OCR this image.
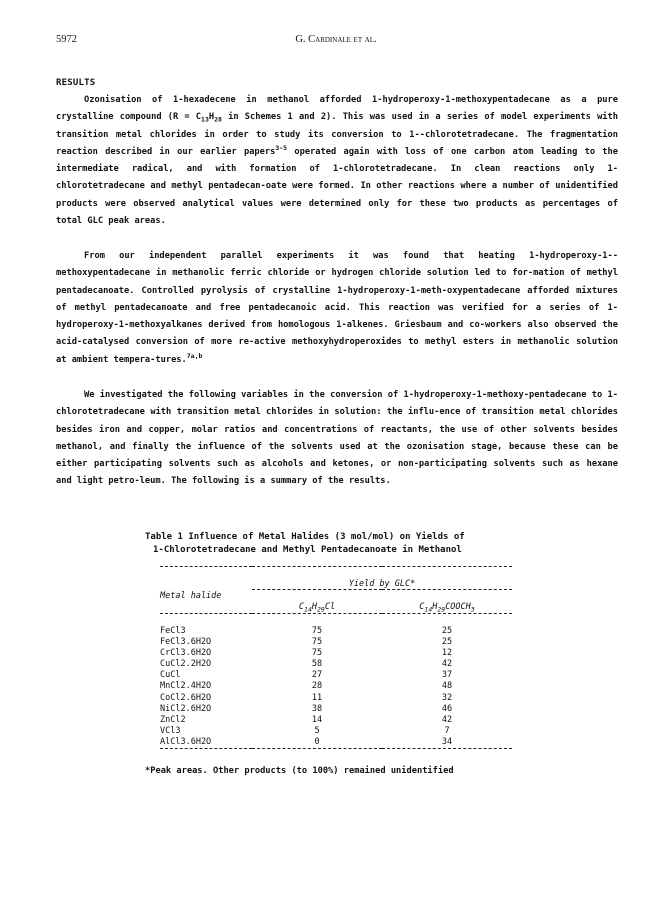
5972	G. Cardinale et al.
RESULTS

Ozonisation of 1-hexadecene in methanol afforded 1-hydroperoxy-1-methoxypentadecane as a pure crystalline compound ($R = C_{13}H_{28}$ in Schemes 1 and 2). This was used in a series of model experiments with transition metal chlorides in order to study its conversion to 1--chlorotetradecane. The fragmentation reaction described in our earlier papers$^{3-5}$ operated again with loss of one carbon atom leading to the intermediate radical, and with formation of 1-chlorotetradecane. In clean reactions only 1-chlorotetradecane and methyl pentadecan-oate were formed. In other reactions where a number of unidentified products were observed analytical values were determined only for these two products as percentages of total GLC peak areas.

From our independent parallel experiments it was found that heating 1-hydroperoxy-1--methoxypentadecane in methanolic ferric chloride or hydrogen chloride solution led to for-mation of methyl pentadecanoate. Controlled pyrolysis of crystalline 1-hydroperoxy-1-meth-oxypentadecane afforded mixtures of methyl pentadecanoate and free pentadecanoic acid. This reaction was verified for a series of 1-hydroperoxy-1-methoxyalkanes derived from homologous 1-alkenes. Griesbaum and co-workers also observed the acid-catalysed conversion of more re-active methoxyhydroperoxides to methyl esters in methanolic solution at ambient tempera-tures.$^{7a,b}$

We investigated the following variables in the conversion of 1-hydroperoxy-1-methoxy-pentadecane to 1-chlorotetradecane with transition metal chlorides in solution: the influ-ence of transition metal chlorides besides iron and copper, molar ratios and concentrations of reactants, the use of other solvents besides methanol, and finally the influence of the solvents used at the ozonisation stage, because these can be either participating solvents such as alcohols and ketones, or non-participating solvents such as hexane and light petro-leum. The following is a summary of the results.

Table 1 Influence of Metal Halides (3 mol/mol) on Yields of
1-Chlorotetradecane and Methyl Pentadecanoate in Methanol

	Yield by GLC*	
Metal halide		
	$C_{14}H_{29}Cl$	$C_{14}H_{29}COOCH_3$

FeCl3	75	25
FeCl3.6H2O	75	25
CrCl3.6H2O	75	12
CuCl2.2H2O	58	42
CuCl	27	37
MnCl2.4H2O	28	48
CoCl2.6H2O	11	32
NiCl2.6H2O	38	46
ZnCl2	14	42
VCl3	5	7
AlCl3.6H2O	0	34

*Peak areas. Other products (to 100%) remained unidentified
